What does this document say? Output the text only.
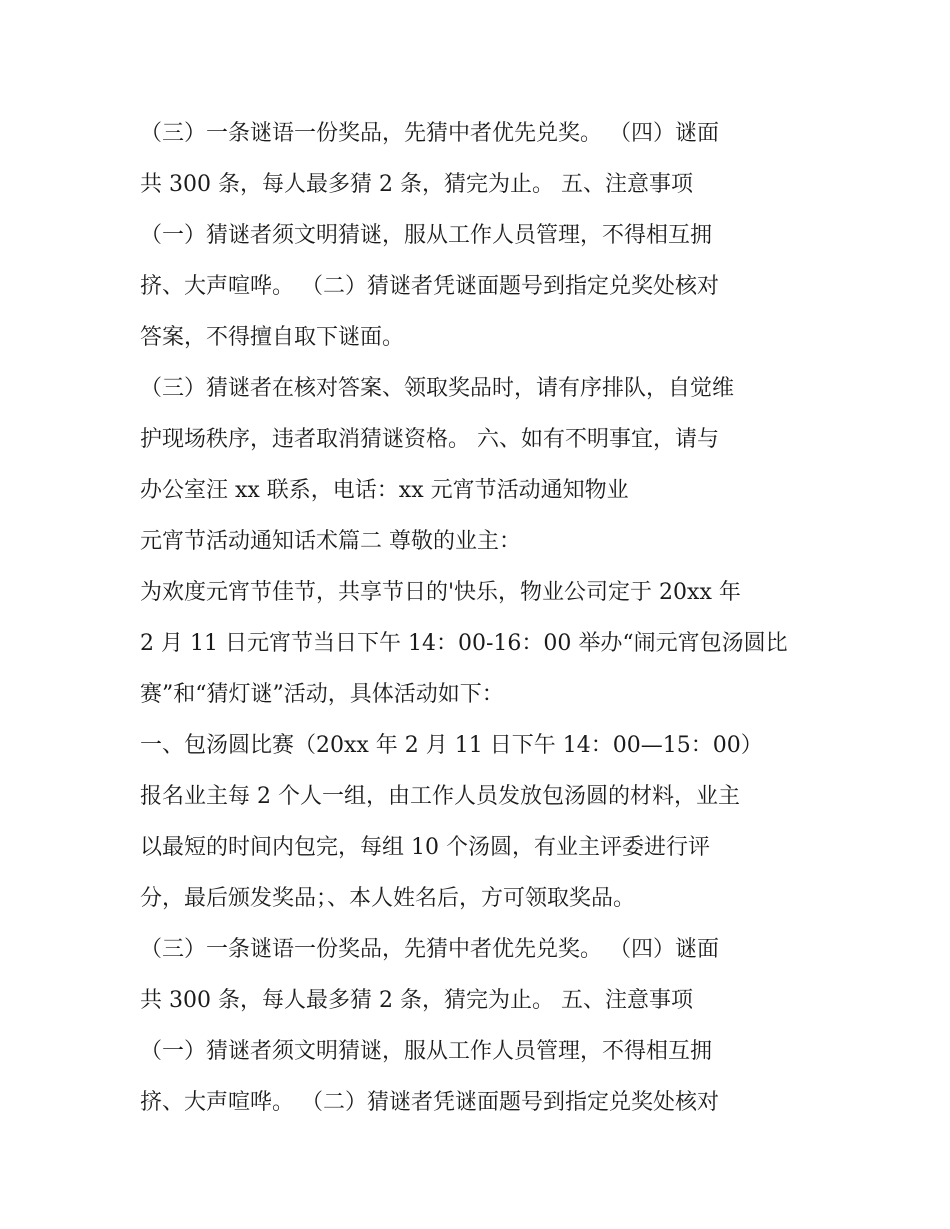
（三）一条谜语一份奖品，先猜中者优先兑奖。 （四）谜面
共 300 条，每人最多猜 2 条，猜完为止。 五、注意事项
（一）猜谜者须文明猜谜，服从工作人员管理，不得相互拥
挤、大声喧哗。 （二）猜谜者凭谜面题号到指定兑奖处核对
答案，不得擅自取下谜面。
（三）猜谜者在核对答案、领取奖品时，请有序排队，自觉维
护现场秩序，违者取消猜谜资格。 六、如有不明事宜，请与
办公室汪 xx 联系，电话：xx 元宵节活动通知物业
元宵节活动通知话术篇二 尊敬的业主：
为欢度元宵节佳节，共享节日的'快乐，物业公司定于 20xx 年
2 月 11 日元宵节当日下午 14：00-16：00 举办“闹元宵包汤圆比
赛”和“猜灯谜”活动，具体活动如下：
一、包汤圆比赛（20xx 年 2 月 11 日下午 14：00—15：00）
报名业主每 2 个人一组，由工作人员发放包汤圆的材料，业主
以最短的时间内包完，每组 10 个汤圆，有业主评委进行评
分，最后颁发奖品；、本人姓名后，方可领取奖品。
（三）一条谜语一份奖品，先猜中者优先兑奖。 （四）谜面
共 300 条，每人最多猜 2 条，猜完为止。 五、注意事项
（一）猜谜者须文明猜谜，服从工作人员管理，不得相互拥
挤、大声喧哗。 （二）猜谜者凭谜面题号到指定兑奖处核对
